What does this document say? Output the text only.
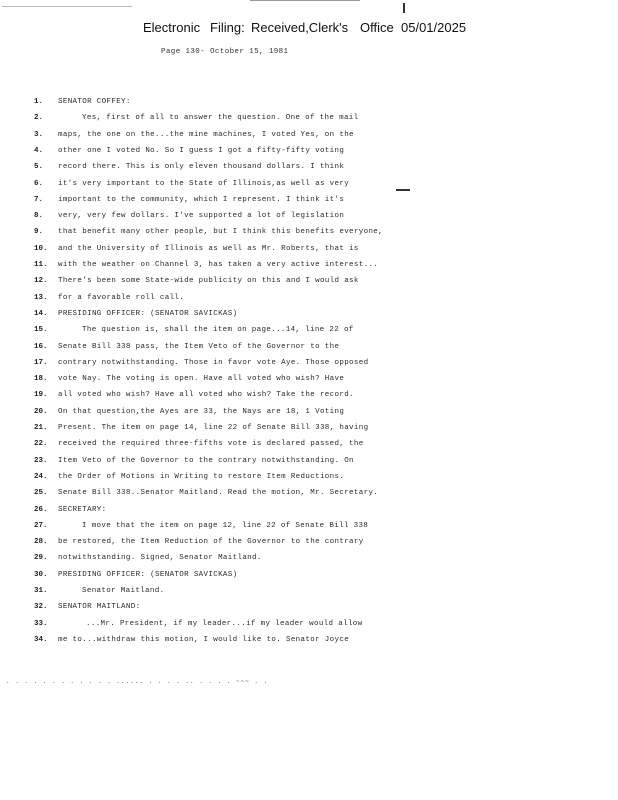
Electronic Filing: Received,Clerk's Office 05/01/2025
Page 130- October 15, 1981
1.	SENATOR COFFEY:
2.	Yes, first of all to answer the question. One of the mail
3.	maps, the one on the...the mine machines, I voted Yes, on the
4.	other one I voted No. So I guess I got a fifty-fifty voting
5.	record there. This is only eleven thousand dollars. I think
6.	it's very important to the State of Illinois,as well as very
7.	important to the community, which I represent. I think it's
8.	very, very few dollars. I've supported a lot of legislation
9.	that benefit many other people, but I think this benefits everyone,
10. and the University of Illinois as well as Mr. Roberts, that is
11. with the weather on Channel 3, has taken a very active interest...
12. There's been some State-wide publicity on this and I would ask
13. for a favorable roll call.
14. PRESIDING OFFICER: (SENATOR SAVICKAS)
15.	The question is, shall the item on page...14, line 22 of
16. Senate Bill 338 pass, the Item Veto of the Governor to the
17. contrary notwithstanding. Those in favor vote Aye. Those opposed
18. vote Nay. The voting is open. Have all voted who wish? Have
19. all voted who wish? Have all voted who wish? Take the record.
20. On that question,the Ayes are 33, the Nays are 18, 1 Voting
21. Present. The item on page 14, line 22 of Senate Bill 338, having
22. received the required three-fifths vote is declared passed, the
23. Item Veto of the Governor to the contrary notwithstanding. On
24. the Order of Motions in Writing to restore Item Reductions.
25. Senate Bill 338..Senator Maitland. Read the motion, Mr. Secretary.
26. SECRETARY:
27.	I move that the item on page 12, line 22 of Senate Bill 338
28. be restored, the Item Reduction of the Governor to the contrary
29. notwithstanding. Signed, Senator Maitland.
30. PRESIDING OFFICER: (SENATOR SAVICKAS)
31.	Senator Maitland.
32. SENATOR MAITLAND:
33.	...Mr. President, if my leader...if my leader would allow
34. me to...withdraw this motion, I would like to. Senator Joyce
. . . . . . . . . . . . ...... . . . . .. . . . . ~~~ . .
